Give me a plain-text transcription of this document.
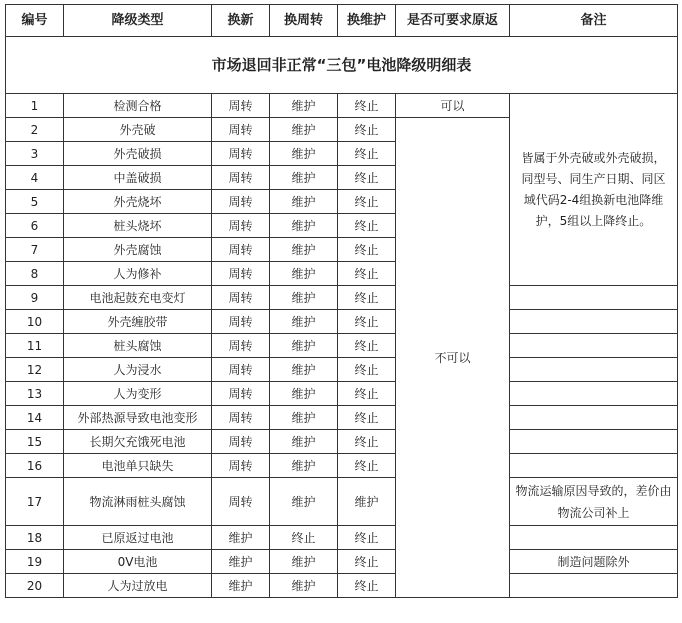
市场退回非正常“三包”电池降级明细表						
编号	降级类型	换新	换周转	换维护	是否可要求原返	备注
1	检测合格	周转	维护	终止	可以	皆属于外壳破或外壳破损，同型号、同生产日期、同区域代码2-4组换新电池降维护，5组以上降终止。
2	外壳破	周转	维护	终止	不可以	
3	外壳破损	周转	维护	终止		
4	中盖破损	周转	维护	终止		
5	外壳烧坏	周转	维护	终止		
6	桩头烧坏	周转	维护	终止		
7	外壳腐蚀	周转	维护	终止		
8	人为修补	周转	维护	终止		
9	电池起鼓充电变灯	周转	维护	终止		
10	外壳缠胶带	周转	维护	终止		
11	桩头腐蚀	周转	维护	终止		
12	人为浸水	周转	维护	终止		
13	人为变形	周转	维护	终止		
14	外部热源导致电池变形	周转	维护	终止		
15	长期欠充饿死电池	周转	维护	终止		
16	电池单只缺失	周转	维护	终止		
17	物流淋雨桩头腐蚀	周转	维护	维护		物流运输原因导致的，差价由物流公司补上
18	已原返过电池	维护	终止	终止		
19	0V电池	维护	维护	终止		制造问题除外
20	人为过放电	维护	维护	终止		
